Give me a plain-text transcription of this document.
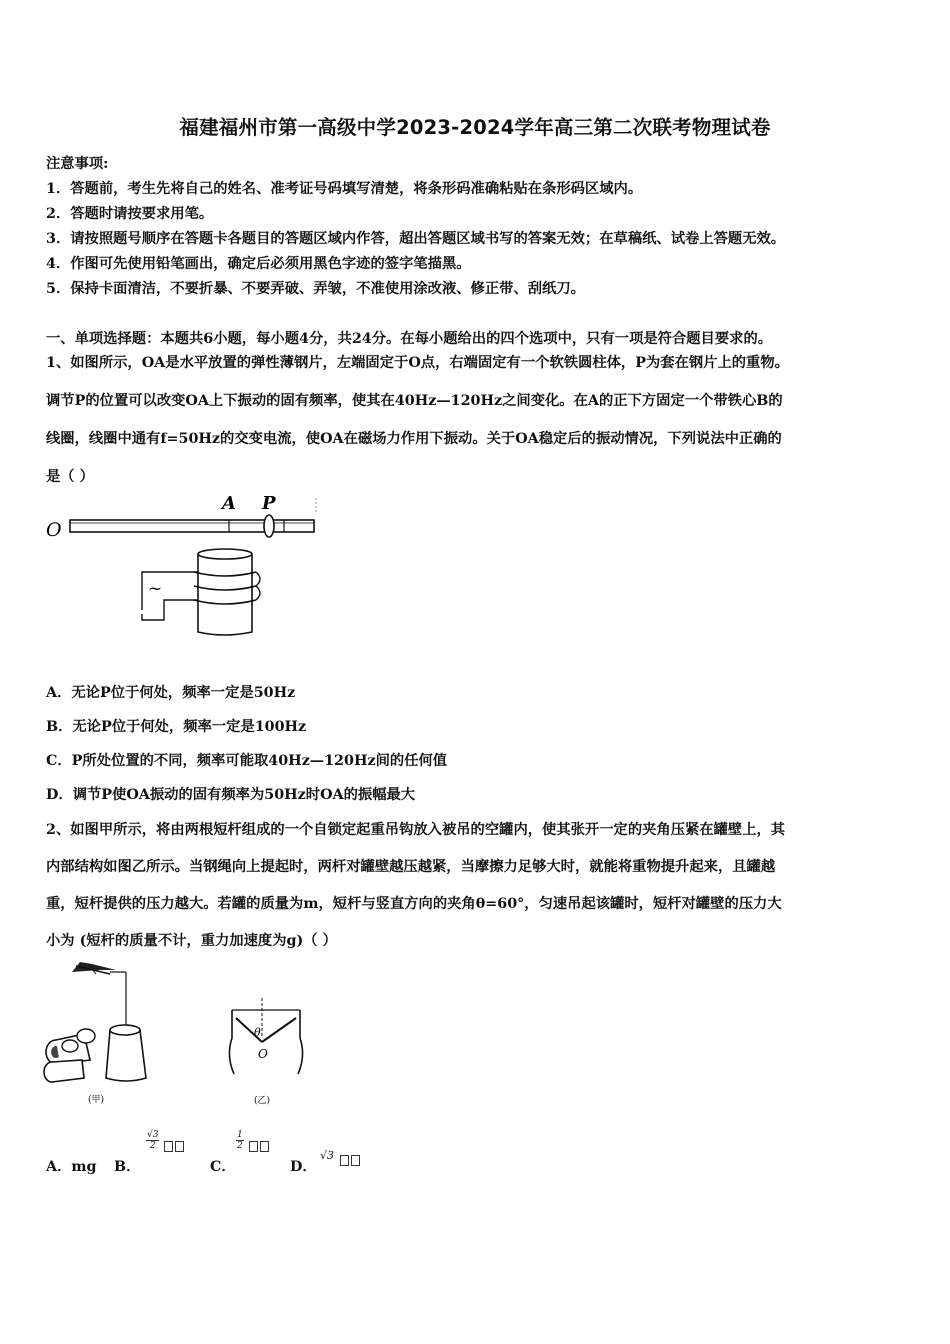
福建福州市第一高级中学2023-2024学年高三第二次联考物理试卷
注意事项:
1．答题前，考生先将自己的姓名、准考证号码填写清楚，将条形码准确粘贴在条形码区域内。
2．答题时请按要求用笔。
3．请按照题号顺序在答题卡各题目的答题区域内作答，超出答题区域书写的答案无效；在草稿纸、试卷上答题无效。
4．作图可先使用铅笔画出，确定后必须用黑色字迹的签字笔描黑。
5．保持卡面清洁，不要折暴、不要弄破、弄皱，不准使用涂改液、修正带、刮纸刀。
一、单项选择题：本题共6小题，每小题4分，共24分。在每小题给出的四个选项中，只有一项是符合题目要求的。
1、如图所示，OA是水平放置的弹性薄钢片，左端固定于O点，右端固定有一个软铁圆柱体，P为套在钢片上的重物。
调节P的位置可以改变OA上下振动的固有频率，使其在40Hz—120Hz之间变化。在A的正下方固定一个带铁心B的
线圈，线圈中通有f=50Hz的交变电流，使OA在磁场力作用下振动。关于OA稳定后的振动情况，下列说法中正确的
是（ ）
O
A P
~
A．无论P位于何处，频率一定是50Hz
B．无论P位于何处，频率一定是100Hz
C．P所处位置的不同，频率可能取40Hz—120Hz间的任何值
D．调节P使OA振动的固有频率为50Hz时OA的振幅最大
2、如图甲所示，将由两根短杆组成的一个自锁定起重吊钩放入被吊的空罐内，使其张开一定的夹角压紧在罐壁上，其
内部结构如图乙所示。当钢绳向上提起时，两杆对罐壁越压越紧，当摩擦力足够大时，就能将重物提升起来，且罐越
重，短杆提供的压力越大。若罐的质量为m，短杆与竖直方向的夹角θ=60°，匀速吊起该罐时，短杆对罐壁的压力大
小为 (短杆的质量不计，重力加速度为g)（ ）
(甲)
θ
O
(乙)
A．mg B．
$\frac{√3}{2}$
C．
$\frac{1}{2}$
D．
√3
